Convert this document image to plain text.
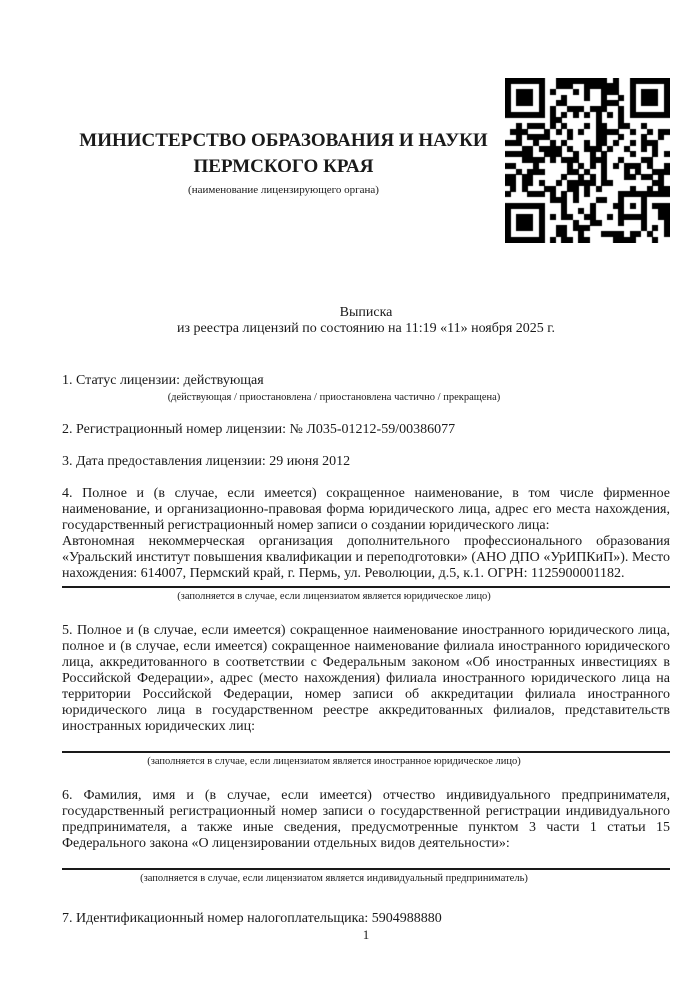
МИНИСТЕРСТВО ОБРАЗОВАНИЯ И НАУКИ ПЕРМСКОГО КРАЯ
(наименование лицензирующего органа)
Выписка
из реестра лицензий по состоянию на 11:19 «11» ноября 2025 г.
1. Статус лицензии: действующая
(действующая / приостановлена / приостановлена частично / прекращена)
2. Регистрационный номер лицензии: № Л035-01212-59/00386077
3. Дата предоставления лицензии: 29 июня 2012
4. Полное и (в случае, если имеется) сокращенное наименование, в том числе фирменное наименование, и организационно-правовая форма юридического лица, адрес его места нахождения, государственный регистрационный номер записи о создании юридического лица:
Автономная некоммерческая организация дополнительного профессионального образования «Уральский институт повышения квалификации и переподготовки» (АНО ДПО «УрИПКиП»). Место нахождения: 614007, Пермский край, г. Пермь, ул. Революции, д.5, к.1. ОГРН: 1125900001182.
(заполняется в случае, если лицензиатом является юридическое лицо)
5. Полное и (в случае, если имеется) сокращенное наименование иностранного юридического лица, полное и (в случае, если имеется) сокращенное наименование филиала иностранного юридического лица, аккредитованного в соответствии с Федеральным законом «Об иностранных инвестициях в Российской Федерации», адрес (место нахождения) филиала иностранного юридического лица на территории Российской Федерации, номер записи об аккредитации филиала иностранного юридического лица в государственном реестре аккредитованных филиалов, представительств иностранных юридических лиц:
(заполняется в случае, если лицензиатом является иностранное юридическое лицо)
6. Фамилия, имя и (в случае, если имеется) отчество индивидуального предпринимателя, государственный регистрационный номер записи о государственной регистрации индивидуального предпринимателя, а также иные сведения, предусмотренные пунктом 3 части 1 статьи 15 Федерального закона «О лицензировании отдельных видов деятельности»:
(заполняется в случае, если лицензиатом является индивидуальный предприниматель)
7. Идентификационный номер налогоплательщика: 5904988880
1
